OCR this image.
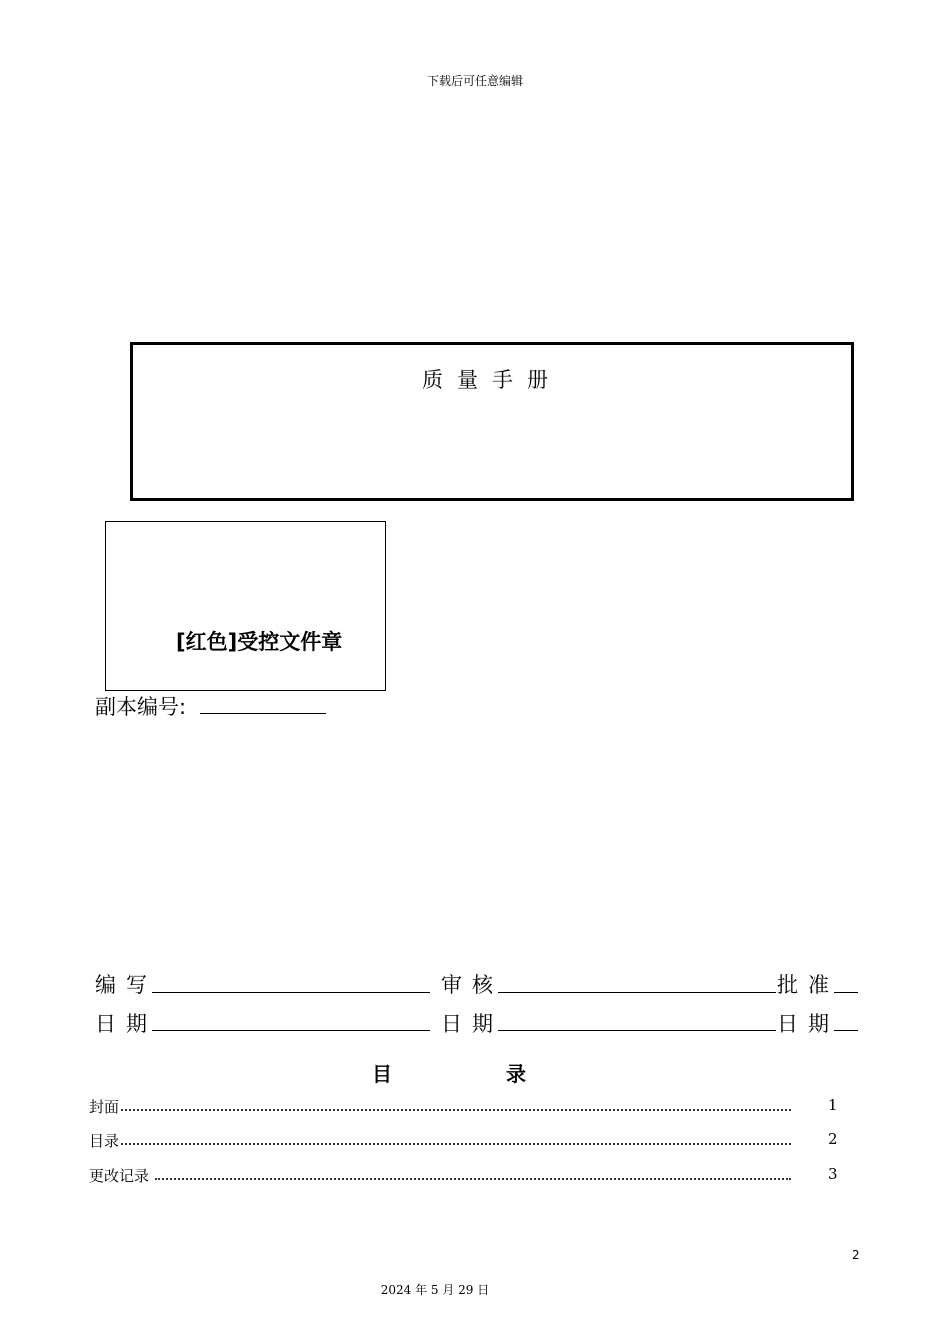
下载后可任意编辑
质量手册
[红色]受控文件章
副本编号:
编写	审核	批准
日期	日期	日期
目	录
封面	1
目录	2
更改记录	3
2
2024 年 5 月 29 日
